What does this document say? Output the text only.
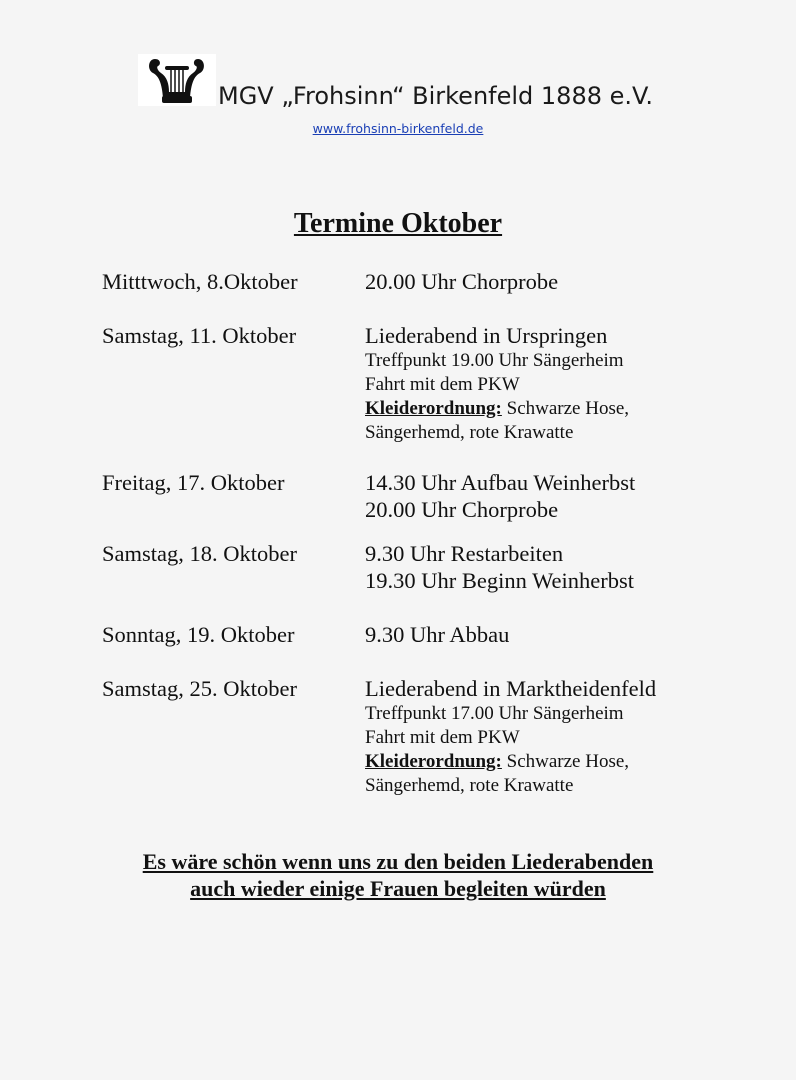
MGV „Frohsinn“ Birkenfeld 1888 e.V.
www.frohsinn-birkenfeld.de
Termine Oktober
Mitttwoch, 8.Oktober	20.00 Uhr Chorprobe
Samstag, 11. Oktober	Liederabend in Urspringen
Treffpunkt 19.00 Uhr Sängerheim
Fahrt mit dem PKW
Kleiderordnung: Schwarze Hose,
Sängerhemd, rote Krawatte
Freitag, 17. Oktober	14.30 Uhr Aufbau Weinherbst
20.00 Uhr Chorprobe
Samstag, 18. Oktober	9.30 Uhr Restarbeiten
19.30 Uhr Beginn Weinherbst
Sonntag, 19. Oktober	9.30 Uhr Abbau
Samstag, 25. Oktober	Liederabend in Marktheidenfeld
Treffpunkt 17.00 Uhr Sängerheim
Fahrt mit dem PKW
Kleiderordnung: Schwarze Hose,
Sängerhemd, rote Krawatte
Es wäre schön wenn uns zu den beiden Liederabenden
auch wieder einige Frauen begleiten würden
